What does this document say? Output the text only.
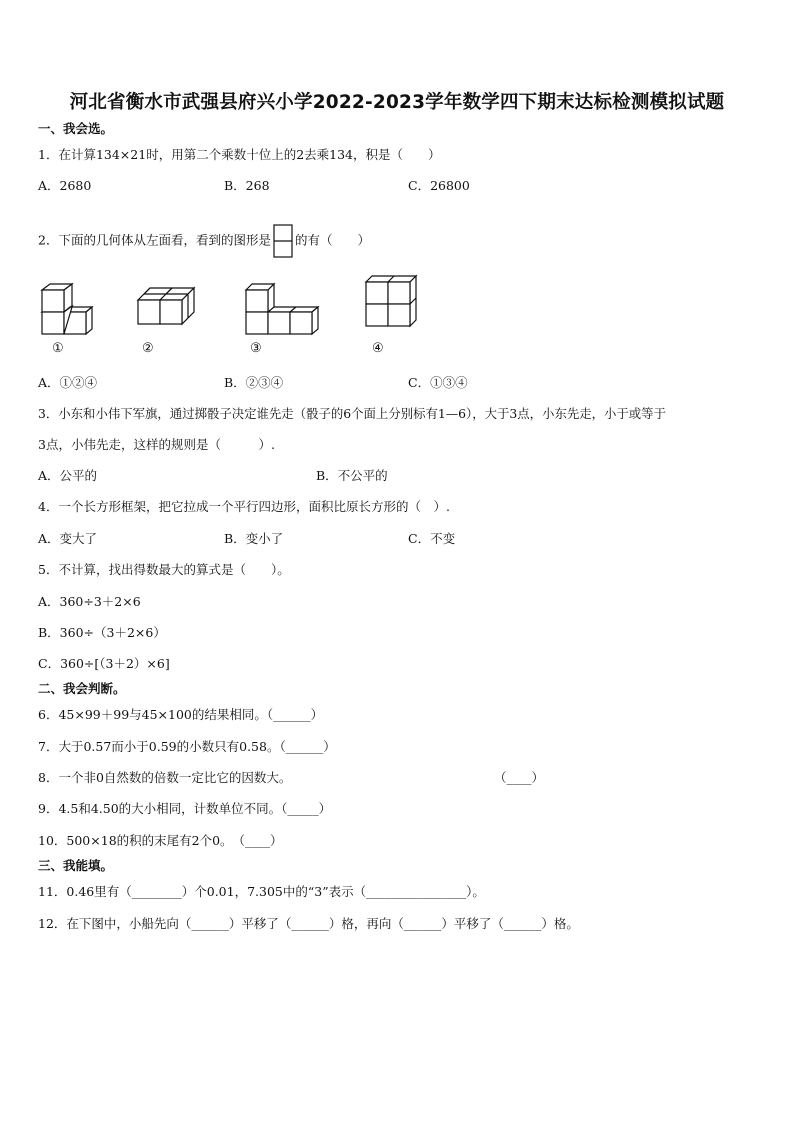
河北省衡水市武强县府兴小学2022-2023学年数学四下期末达标检测模拟试题
一、我会选。
1．在计算134×21时，用第二个乘数十位上的2去乘134，积是（　　）
A．2680	B．268	C．26800
2．下面的几何体从左面看，看到的图形是 的有（　　）
①	②	③	④
A．①②④	B．②③④	C．①③④
3．小东和小伟下军旗，通过掷骰子决定谁先走（骰子的6个面上分别标有1—6），大于3点，小东先走，小于或等于
3点，小伟先走，这样的规则是（　　　）.
A．公平的	B．不公平的
4．一个长方形框架，把它拉成一个平行四边形，面积比原长方形的（　）.
A．变大了	B．变小了	C．不变
5．不计算，找出得数最大的算式是（　　）。
A．360÷3＋2×6
B．360÷（3＋2×6）
C．360÷[（3＋2）×6]
二、我会判断。
6．45×99＋99与45×100的结果相同。（______）
7．大于0.57而小于0.59的小数只有0.58。（______）
8．一个非0自然数的倍数一定比它的因数大。	（____）
9．4.5和4.50的大小相同，计数单位不同。（_____）
10．500×18的积的末尾有2个0。　（____）
三、我能填。
11．0.46里有（________）个0.01，7.305中的“3”表示（________________）。
12．在下图中，小船先向（______）平移了（______）格，再向（______）平移了（______）格。
